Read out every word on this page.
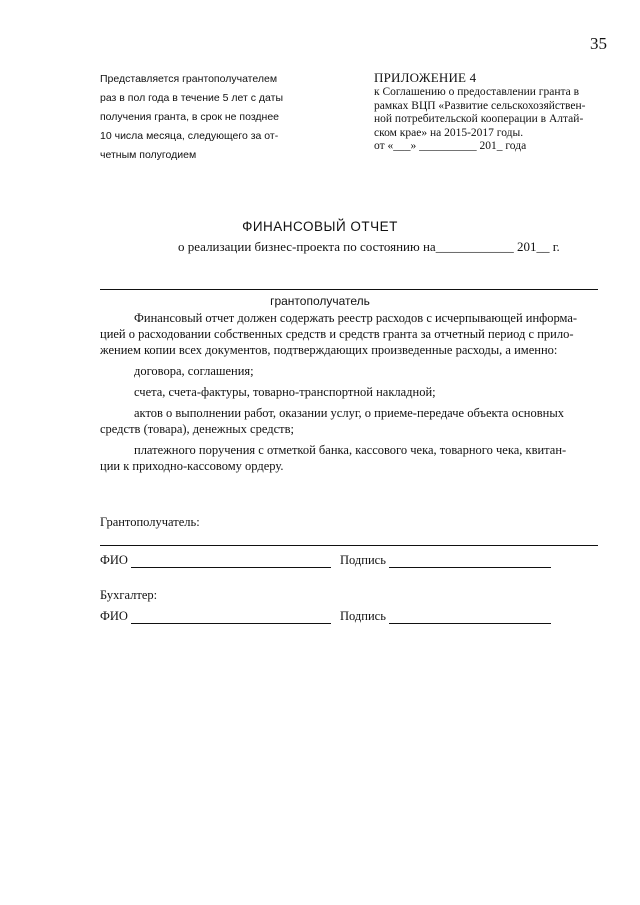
35
Представляется грантополучателем
раз в пол года в течение 5 лет с даты
получения гранта, в срок не позднее
10 числа месяца, следующего за от-
четным полугодием
ПРИЛОЖЕНИЕ 4
к Соглашению о предоставлении гранта в
рамках ВЦП «Развитие сельскохозяйствен-
ной потребительской кооперации в Алтай-
ском крае» на 2015-2017 годы.
от «___» __________ 201_ года
ФИНАНСОВЫЙ ОТЧЕТ
о реализации бизнес-проекта по состоянию на____________ 201__ г.
грантополучатель
Финансовый отчет должен содержать реестр расходов с исчерпывающей информа-
цией о расходовании собственных средств и средств гранта за отчетный период с прило-
жением копии всех документов, подтверждающих произведенные расходы, а именно:
договора, соглашения;
счета, счета-фактуры, товарно-транспортной накладной;
актов о выполнении работ, оказании услуг, о приеме-передаче объекта основных
средств (товара), денежных средств;
платежного поручения с отметкой банка, кассового чека, товарного чека, квитан-
ции к приходно-кассовому ордеру.
Грантополучатель:
ФИО	Подпись
Бухгалтер:
ФИО	Подпись
